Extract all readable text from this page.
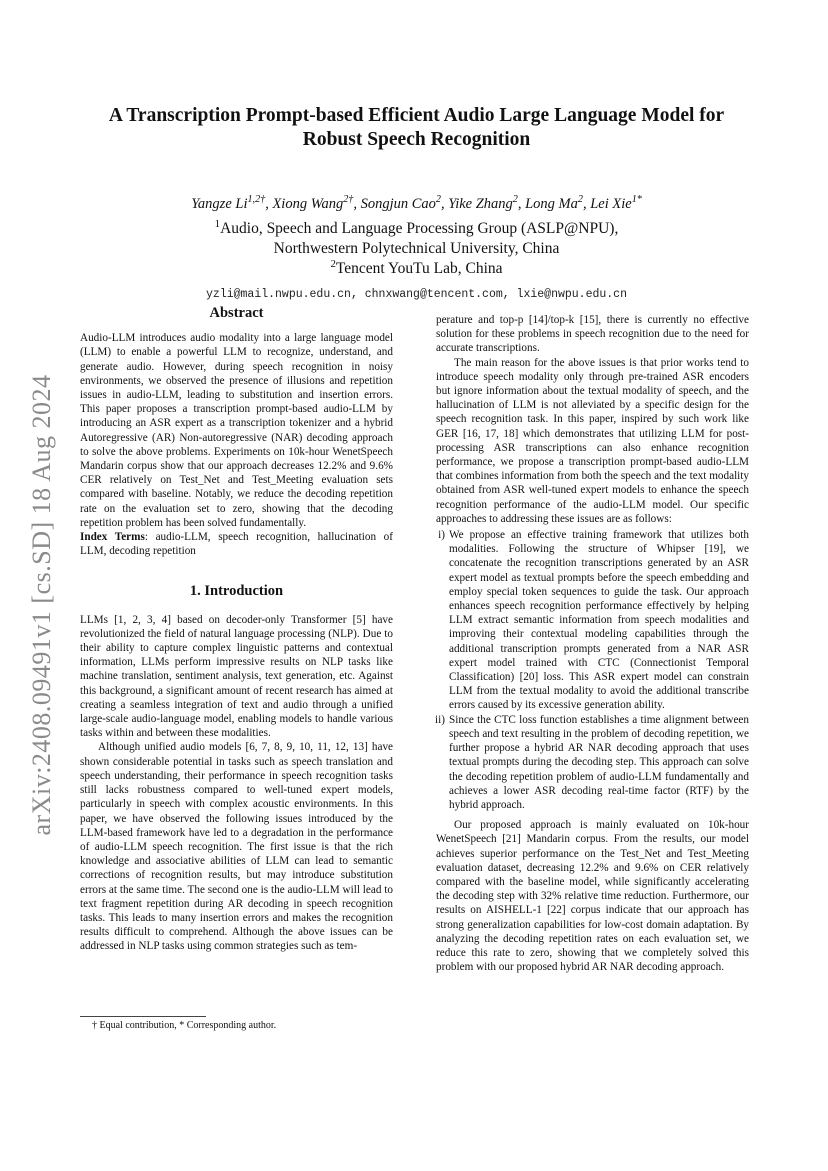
arXiv:2408.09491v1 [cs.SD] 18 Aug 2024
A Transcription Prompt-based Efficient Audio Large Language Model for Robust Speech Recognition
Yangze $Li^{1,2\dagger}$, Xiong Wang$^{2\dagger}$, Songjun Cao$^2$, Yike Zhang$^2$, Long Ma$^2$, Lei Xie$^{1*}$
$^1$Audio, Speech and Language Processing Group (ASLP@NPU),
Northwestern Polytechnical University, China
$^2$Tencent YouTu Lab, China
yzli@mail.nwpu.edu.cn, chnxwang@tencent.com, lxie@nwpu.edu.cn
Abstract

Audio-LLM introduces audio modality into a large language model (LLM) to enable a powerful LLM to recognize, understand, and generate audio. However, during speech recognition in noisy environments, we observed the presence of illusions and repetition issues in audio-LLM, leading to substitution and insertion errors. This paper proposes a transcription prompt-based audio-LLM by introducing an ASR expert as a transcription tokenizer and a hybrid Autoregressive (AR) Non-autoregressive (NAR) decoding approach to solve the above problems. Experiments on 10k-hour WenetSpeech Mandarin corpus show that our approach decreases 12.2% and 9.6% CER relatively on Test_Net and Test_Meeting evaluation sets compared with baseline. Notably, we reduce the decoding repetition rate on the evaluation set to zero, showing that the decoding repetition problem has been solved fundamentally.

Index Terms: audio-LLM, speech recognition, hallucination of LLM, decoding repetition

1. Introduction

LLMs [1, 2, 3, 4] based on decoder-only Transformer [5] have revolutionized the field of natural language processing (NLP). Due to their ability to capture complex linguistic patterns and contextual information, LLMs perform impressive results on NLP tasks like machine translation, sentiment analysis, text generation, etc. Against this background, a significant amount of recent research has aimed at creating a seamless integration of text and audio through a unified large-scale audio-language model, enabling models to handle various tasks within and between these modalities.

Although unified audio models [6, 7, 8, 9, 10, 11, 12, 13] have shown considerable potential in tasks such as speech translation and speech understanding, their performance in speech recognition tasks still lacks robustness compared to well-tuned expert models, particularly in speech with complex acoustic environments. In this paper, we have observed the following issues introduced by the LLM-based framework have led to a degradation in the performance of audio-LLM speech recognition. The first issue is that the rich knowledge and associative abilities of LLM can lead to semantic corrections of recognition results, but may introduce substitution errors at the same time. The second one is the audio-LLM will lead to text fragment repetition during AR decoding in speech recognition tasks. This leads to many insertion errors and makes the recognition results difficult to comprehend. Although the above issues can be addressed in NLP tasks using common strategies such as tem-

perature and top-p [14]/top-k [15], there is currently no effective solution for these problems in speech recognition due to the need for accurate transcriptions.

The main reason for the above issues is that prior works tend to introduce speech modality only through pre-trained ASR encoders but ignore information about the textual modality of speech, and the hallucination of LLM is not alleviated by a specific design for the speech recognition task. In this paper, inspired by such work like GER [16, 17, 18] which demonstrates that utilizing LLM for post-processing ASR transcriptions can also enhance recognition performance, we propose a transcription prompt-based audio-LLM that combines information from both the speech and the text modality obtained from ASR well-tuned expert models to enhance the speech recognition performance of the audio-LLM model. Our specific approaches to addressing these issues are as follows:

i) We propose an effective training framework that utilizes both modalities. Following the structure of Whipser [19], we concatenate the recognition transcriptions generated by an ASR expert model as textual prompts before the speech embedding and employ special token sequences to guide the task. Our approach enhances speech recognition performance effectively by helping LLM extract semantic information from speech modalities and improving their contextual modeling capabilities through the additional transcription prompts generated from a NAR ASR expert model trained with CTC (Connectionist Temporal Classification) [20] loss. This ASR expert model can constrain LLM from the textual modality to avoid the additional transcribe errors caused by its excessive generation ability.
ii) Since the CTC loss function establishes a time alignment between speech and text resulting in the problem of decoding repetition, we further propose a hybrid AR NAR decoding approach that uses textual prompts during the decoding step. This approach can solve the decoding repetition problem of audio-LLM fundamentally and achieves a lower ASR decoding real-time factor (RTF) by the hybrid approach.

Our proposed approach is mainly evaluated on 10k-hour WenetSpeech [21] Mandarin corpus. From the results, our model achieves superior performance on the Test_Net and Test_Meeting evaluation dataset, decreasing 12.2% and 9.6% on CER relatively compared with the baseline model, while significantly accelerating the decoding step with 32% relative time reduction. Furthermore, our results on AISHELL-1 [22] corpus indicate that our approach has strong generalization capabilities for low-cost domain adaptation. By analyzing the decoding repetition rates on each evaluation set, we reduce this rate to zero, showing that we completely solved this problem with our proposed hybrid AR NAR decoding approach.

† Equal contribution, * Corresponding author.
